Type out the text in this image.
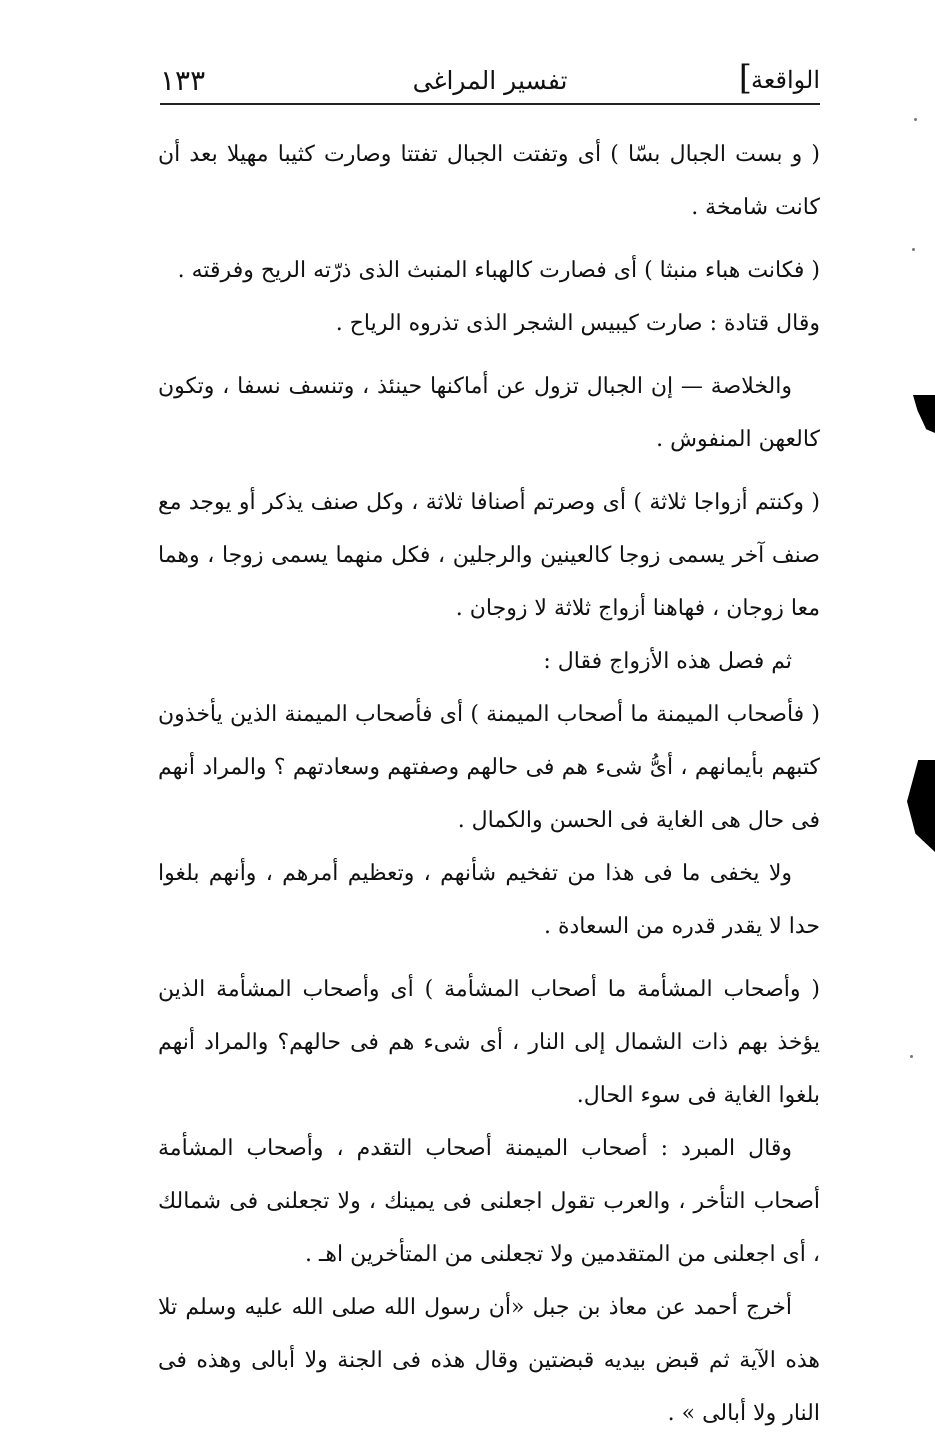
الواقعة
]
تفسير المراغى
١٣٣

( و بست الجبال بسّا ) أى وتفتت الجبال تفتتا وصارت كثيبا مهيلا بعد أن كانت شامخة .

( فكانت هباء منبثا ) أى فصارت كالهباء المنبث الذى ذرّته الريح وفرقته .

وقال قتادة : صارت كيبيس الشجر الذى تذروه الرياح .

والخلاصة — إن الجبال تزول عن أماكنها حينئذ ، وتنسف نسفا ، وتكون كالعهن المنفوش .

( وكنتم أزواجا ثلاثة ) أى وصرتم أصنافا ثلاثة ، وكل صنف يذكر أو يوجد مع صنف آخر يسمى زوجا كالعينين والرجلين ، فكل منهما يسمى زوجا ، وهما معا زوجان ، فهاهنا أزواج ثلاثة لا زوجان .

ثم فصل هذه الأزواج فقال :

( فأصحاب الميمنة ما أصحاب الميمنة ) أى فأصحاب الميمنة الذين يأخذون كتبهم بأيمانهم ، أىُّ شىء هم فى حالهم وصفتهم وسعادتهم ؟ والمراد أنهم فى حال هى الغاية فى الحسن والكمال .

ولا يخفى ما فى هذا من تفخيم شأنهم ، وتعظيم أمرهم ، وأنهم بلغوا حدا لا يقدر قدره من السعادة .

( وأصحاب المشأمة ما أصحاب المشأمة ) أى وأصحاب المشأمة الذين يؤخذ بهم ذات الشمال إلى النار ، أى شىء هم فى حالهم؟ والمراد أنهم بلغوا الغاية فى سوء الحال.

وقال المبرد : أصحاب الميمنة أصحاب التقدم ، وأصحاب المشأمة أصحاب التأخر ، والعرب تقول اجعلنى فى يمينك ، ولا تجعلنى فى شمالك ، أى اجعلنى من المتقدمين ولا تجعلنى من المتأخرين اهـ .

أخرج أحمد عن معاذ بن جبل «أن رسول الله صلى الله عليه وسلم تلا هذه الآية ثم قبض بيديه قبضتين وقال هذه فى الجنة ولا أبالى وهذه فى النار ولا أبالى » .
